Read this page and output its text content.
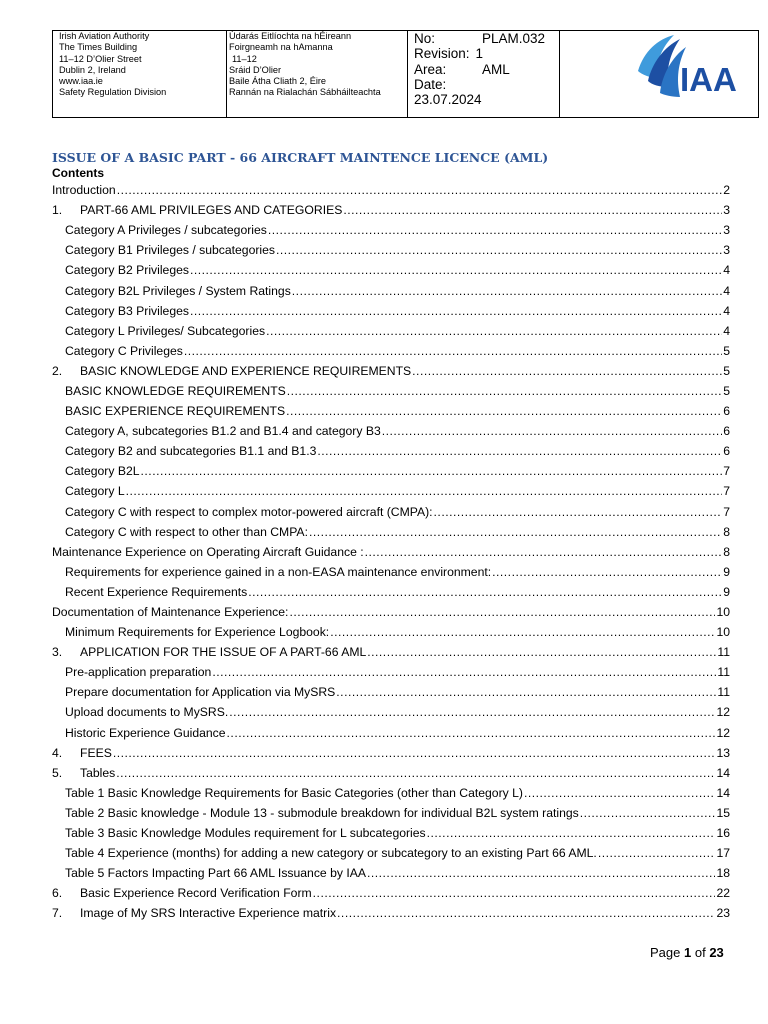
Irish Aviation Authority
The Times Building
11–12 D’Olier Street
Dublin 2, Ireland
www.iaa.ie
Safety Regulation Division
Údarás Eitlíochta na hÉireann
Foirgneamh na hAmanna
11–12
Sráid D’Olier
Baile Átha Cliath 2, Éire
Rannán na Rialachán Sábháilteachta
No:	PLAM.032
Revision: 1
Area:	AML
Date:
23.07.2024
IAA
ISSUE OF A BASIC PART - 66 AIRCRAFT MAINTENCE LICENCE (AML)
Contents
Introduction .....	2
1.	PART-66 AML PRIVILEGES AND CATEGORIES .....	3
Category A Privileges / subcategories .....	3
Category B1 Privileges / subcategories .....	3
Category B2 Privileges .....	4
Category B2L Privileges / System Ratings .....	4
Category B3 Privileges .....	4
Category L Privileges/ Subcategories .....	4
Category C Privileges .....	5
2.	BASIC KNOWLEDGE AND EXPERIENCE REQUIREMENTS .....	5
BASIC KNOWLEDGE REQUIREMENTS .....	5
BASIC EXPERIENCE REQUIREMENTS .....	6
Category A, subcategories B1.2 and B1.4 and category B3 .....	6
Category B2 and subcategories B1.1 and B1.3 .....	6
Category B2L .....	7
Category L .....	7
Category C with respect to complex motor-powered aircraft (CMPA): .....	7
Category C with respect to other than CMPA: .....	8
Maintenance Experience on Operating Aircraft Guidance : .....	8
Requirements for experience gained in a non-EASA maintenance environment: .....	9
Recent Experience Requirements .....	9
Documentation of Maintenance Experience: .....	10
Minimum Requirements for Experience Logbook: .....	10
3.	APPLICATION FOR THE ISSUE OF A PART-66 AML .....	11
Pre-application preparation .....	11
Prepare documentation for Application via MySRS .....	11
Upload documents to MySRS. .....	12
Historic Experience Guidance .....	12
4.	FEES .....	13
5.	Tables .....	14
Table 1 Basic Knowledge Requirements for Basic Categories (other than Category L) .....	14
Table 2 Basic knowledge - Module 13 - submodule breakdown for individual B2L system ratings .....	15
Table 3 Basic Knowledge Modules requirement for L subcategories .....	16
Table 4 Experience (months) for adding a new category or subcategory to an existing Part 66 AML. .....	17
Table 5 Factors Impacting Part 66 AML Issuance by IAA .....	18
6.	Basic Experience Record Verification Form .....	22
7.	Image of My SRS Interactive Experience matrix .....	23
Page 1 of 23
